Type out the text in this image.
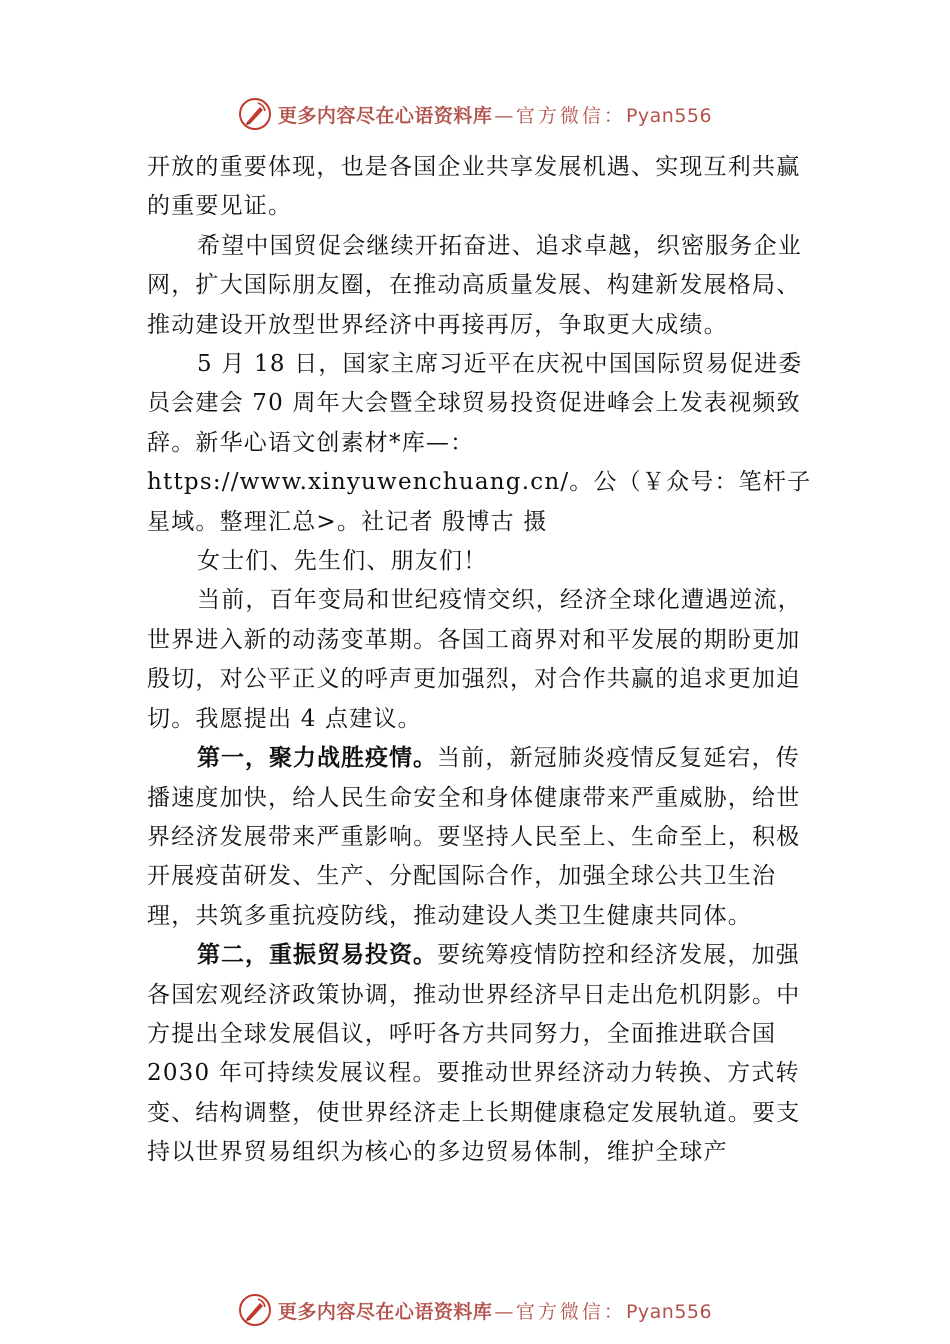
更多内容尽在心语资料库 — 官方微信：Pyan556

开放的重要体现，也是各国企业共享发展机遇、实现互利共赢的重要见证。

希望中国贸促会继续开拓奋进、追求卓越，织密服务企业网，扩大国际朋友圈，在推动高质量发展、构建新发展格局、推动建设开放型世界经济中再接再厉，争取更大成绩。

5 月 18 日，国家主席习近平在庆祝中国国际贸易促进委员会建会 70 周年大会暨全球贸易投资促进峰会上发表视频致辞。新华心语文创素材*库—：https://www.xinyuwenchuang.cn/。公（￥众号：笔杆子星域。整理汇总>。社记者 殷博古 摄

女士们、先生们、朋友们！

当前，百年变局和世纪疫情交织，经济全球化遭遇逆流，世界进入新的动荡变革期。各国工商界对和平发展的期盼更加殷切，对公平正义的呼声更加强烈，对合作共赢的追求更加迫切。我愿提出 4 点建议。

第一，聚力战胜疫情。当前，新冠肺炎疫情反复延宕，传播速度加快，给人民生命安全和身体健康带来严重威胁，给世界经济发展带来严重影响。要坚持人民至上、生命至上，积极开展疫苗研发、生产、分配国际合作，加强全球公共卫生治理，共筑多重抗疫防线，推动建设人类卫生健康共同体。

第二，重振贸易投资。要统筹疫情防控和经济发展，加强各国宏观经济政策协调，推动世界经济早日走出危机阴影。中方提出全球发展倡议，呼吁各方共同努力，全面推进联合国 2030 年可持续发展议程。要推动世界经济动力转换、方式转变、结构调整，使世界经济走上长期健康稳定发展轨道。要支持以世界贸易组织为核心的多边贸易体制，维护全球产

更多内容尽在心语资料库 — 官方微信：Pyan556
